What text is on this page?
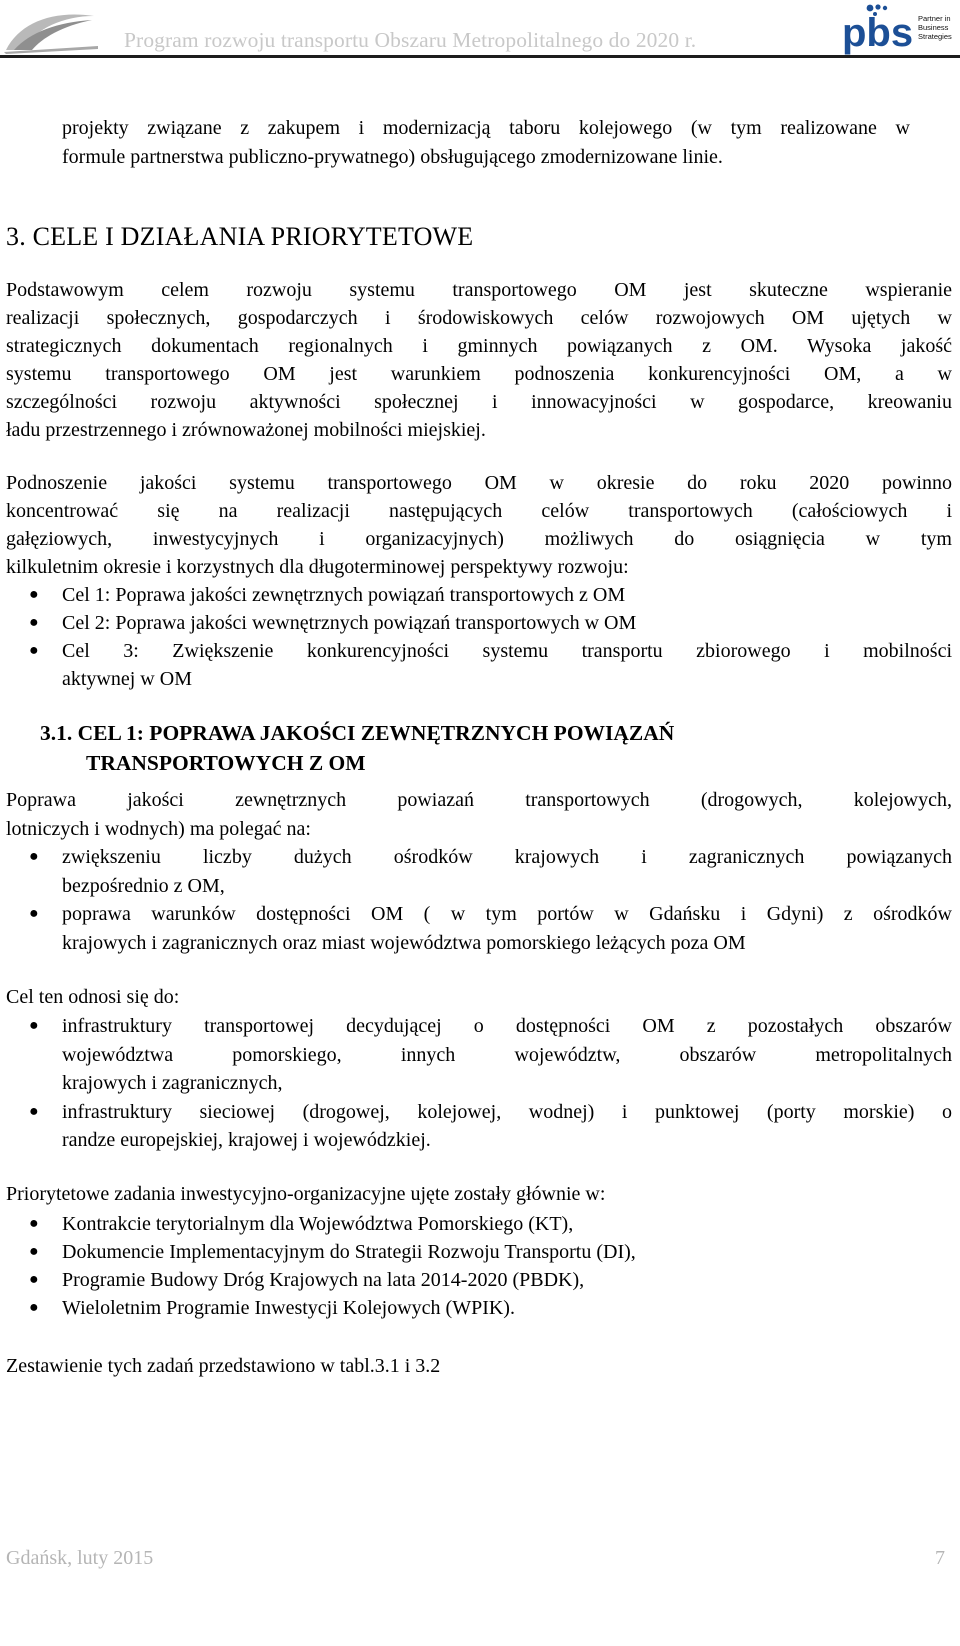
Program rozwoju transportu Obszaru Metropolitalnego do 2020 r.	pbs Partner in
Business
Strategies
projekty związane z zakupem i modernizacją taboru kolejowego (w tym realizowane w
formule partnerstwa publiczno-prywatnego) obsługującego zmodernizowane linie.
3. CELE I DZIAŁANIA PRIORYTETOWE
Podstawowym celem rozwoju systemu transportowego OM jest skuteczne wspieranie
realizacji społecznych, gospodarczych i środowiskowych celów rozwojowych OM ujętych w
strategicznych dokumentach regionalnych i gminnych powiązanych z OM. Wysoka jakość
systemu transportowego OM jest warunkiem podnoszenia konkurencyjności OM, a w
szczególności rozwoju aktywności społecznej i innowacyjności w gospodarce, kreowaniu
ładu przestrzennego i zrównoważonej mobilności miejskiej.
Podnoszenie jakości systemu transportowego OM w okresie do roku 2020 powinno
koncentrować się na realizacji następujących celów transportowych (całościowych i
gałęziowych, inwestycyjnych i organizacyjnych) możliwych do osiągnięcia w tym
kilkuletnim okresie i korzystnych dla długoterminowej perspektywy rozwoju:
● Cel 1: Poprawa jakości zewnętrznych powiązań transportowych z OM
● Cel 2: Poprawa jakości wewnętrznych powiązań transportowych w OM
● Cel 3: Zwiększenie konkurencyjności systemu transportu zbiorowego i mobilności
aktywnej w OM
3.1. CEL 1: POPRAWA JAKOŚCI ZEWNĘTRZNYCH POWIĄZAŃ
TRANSPORTOWYCH Z OM
Poprawa jakości zewnętrznych powiazań transportowych (drogowych, kolejowych,
lotniczych i wodnych) ma polegać na:
● zwiększeniu liczby dużych ośrodków krajowych i zagranicznych powiązanych
bezpośrednio z OM,
● poprawa warunków dostępności OM ( w tym portów w Gdańsku i Gdyni) z ośrodków
krajowych i zagranicznych oraz miast województwa pomorskiego leżących poza OM
Cel ten odnosi się do:
● infrastruktury transportowej decydującej o dostępności OM z pozostałych obszarów
województwa pomorskiego, innych województw, obszarów metropolitalnych
krajowych i zagranicznych,
● infrastruktury sieciowej (drogowej, kolejowej, wodnej) i punktowej (porty morskie) o
randze europejskiej, krajowej i wojewódzkiej.
Priorytetowe zadania inwestycyjno-organizacyjne ujęte zostały głównie w:
● Kontrakcie terytorialnym dla Województwa Pomorskiego (KT),
● Dokumencie Implementacyjnym do Strategii Rozwoju Transportu (DI),
● Programie Budowy Dróg Krajowych na lata 2014-2020 (PBDK),
● Wieloletnim Programie Inwestycji Kolejowych (WPIK).
Zestawienie tych zadań przedstawiono w tabl.3.1 i 3.2
Gdańsk, luty 2015	7
